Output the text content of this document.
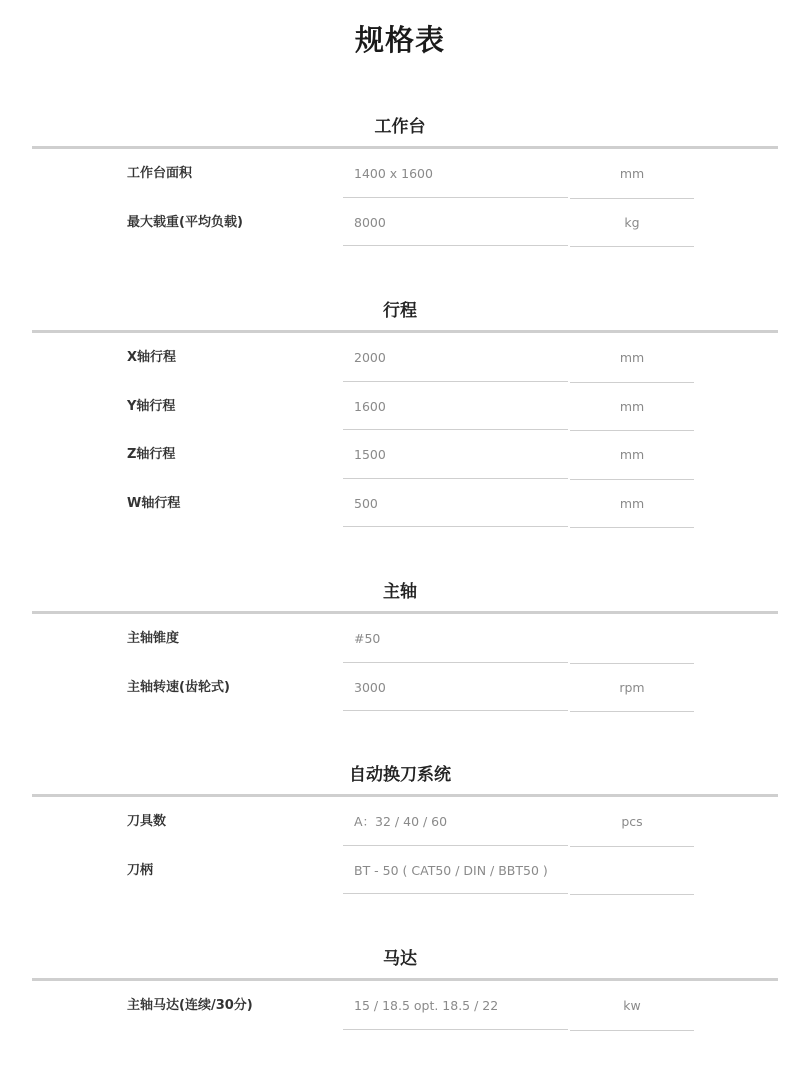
规格表
工作台
工作台面积	1400 x 1600	mm
最大载重(平均负载)	8000	kg
行程
X轴行程	2000	mm
Y轴行程	1600	mm
Z轴行程	1500	mm
W轴行程	500	mm
主轴
主轴锥度	#50
主轴转速(齿轮式)	3000	rpm
自动换刀系统
刀具数	A：32 / 40 / 60	pcs
刀柄	BT - 50 ( CAT50 / DIN / BBT50 )
马达
主轴马达(连续/30分)	15 / 18.5 opt. 18.5 / 22	kw
